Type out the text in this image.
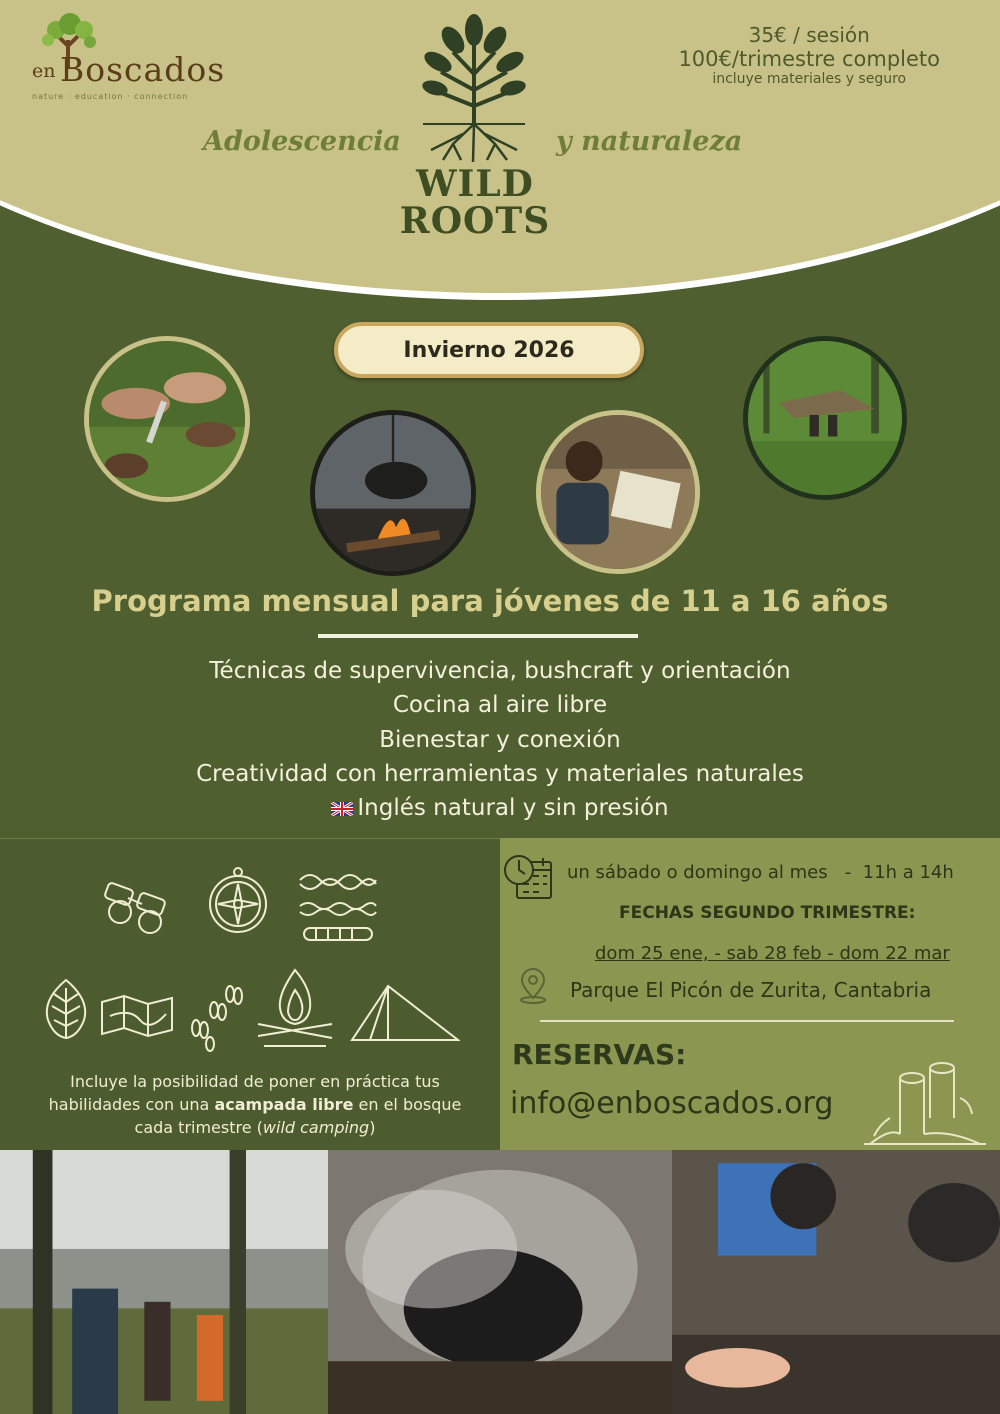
en Boscados
nature · education · connection
35€ / sesión
100€/trimestre completo
incluye materiales y seguro
Adolescencia	y naturaleza
WILD
ROOTS
Invierno 2026
Programa mensual para jóvenes de 11 a 16 años
Técnicas de supervivencia, bushcraft y orientación
Cocina al aire libre
Bienestar y conexión
Creatividad con herramientas y materiales naturales
Inglés natural y sin presión
Incluye la posibilidad de poner en práctica tus
habilidades con una acampada libre en el bosque
cada trimestre (wild camping)
un sábado o domingo al mes   -  11h a 14h
FECHAS SEGUNDO TRIMESTRE:
dom 25 ene, - sab 28 feb - dom 22 mar
Parque El Picón de Zurita, Cantabria
RESERVAS:
info@enboscados.org
